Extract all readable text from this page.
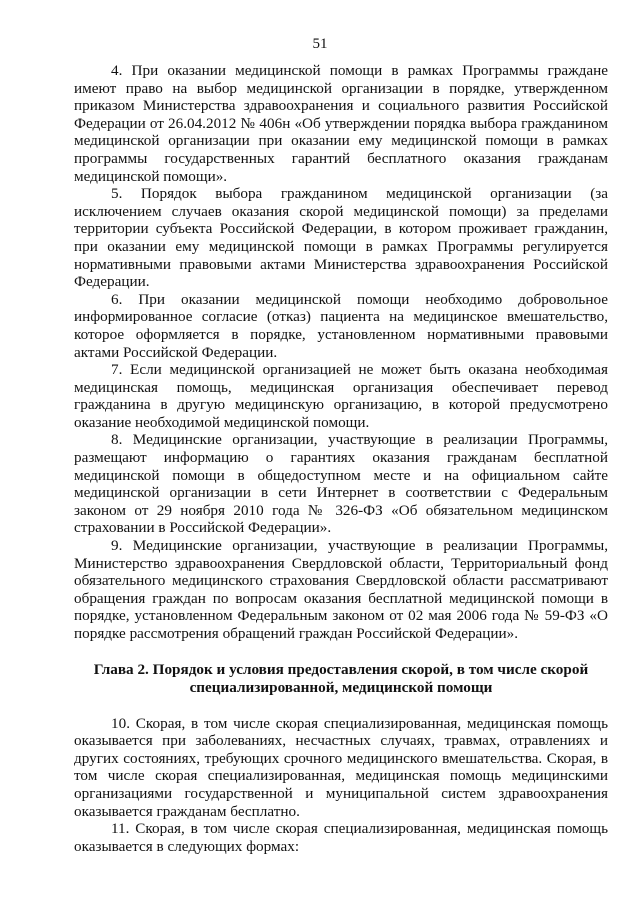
51

4. При оказании медицинской помощи в рамках Программы граждане имеют право на выбор медицинской организации в порядке, утвержденном приказом Министерства здравоохранения и социального развития Российской Федерации от 26.04.2012 № 406н «Об утверждении порядка выбора гражданином медицинской организации при оказании ему медицинской помощи в рамках программы государственных гарантий бесплатного оказания гражданам медицинской помощи».

5. Порядок выбора гражданином медицинской организации (за исключением случаев оказания скорой медицинской помощи) за пределами территории субъекта Российской Федерации, в котором проживает гражданин, при оказании ему медицинской помощи в рамках Программы регулируется нормативными правовыми актами Министерства здравоохранения Российской Федерации.

6. При оказании медицинской помощи необходимо добровольное информированное согласие (отказ) пациента на медицинское вмешательство, которое оформляется в порядке, установленном нормативными правовыми актами Российской Федерации.

7. Если медицинской организацией не может быть оказана необходимая медицинская помощь, медицинская организация обеспечивает перевод гражданина в другую медицинскую организацию, в которой предусмотрено оказание необходимой медицинской помощи.

8. Медицинские организации, участвующие в реализации Программы, размещают информацию о гарантиях оказания гражданам бесплатной медицинской помощи в общедоступном месте и на официальном сайте медицинской организации в сети Интернет в соответствии с Федеральным законом от 29 ноября 2010 года № 326-ФЗ «Об обязательном медицинском страховании в Российской Федерации».

9. Медицинские организации, участвующие в реализации Программы, Министерство здравоохранения Свердловской области, Территориальный фонд обязательного медицинского страхования Свердловской области рассматривают обращения граждан по вопросам оказания бесплатной медицинской помощи в порядке, установленном Федеральным законом от 02 мая 2006 года № 59-ФЗ «О порядке рассмотрения обращений граждан Российской Федерации».

Глава 2. Порядок и условия предоставления скорой, в том числе скорой
специализированной, медицинской помощи

10. Скорая, в том числе скорая специализированная, медицинская помощь оказывается при заболеваниях, несчастных случаях, травмах, отравлениях и других состояниях, требующих срочного медицинского вмешательства. Скорая, в том числе скорая специализированная, медицинская помощь медицинскими организациями государственной и муниципальной систем здравоохранения оказывается гражданам бесплатно.

11. Скорая, в том числе скорая специализированная, медицинская помощь оказывается в следующих формах:
